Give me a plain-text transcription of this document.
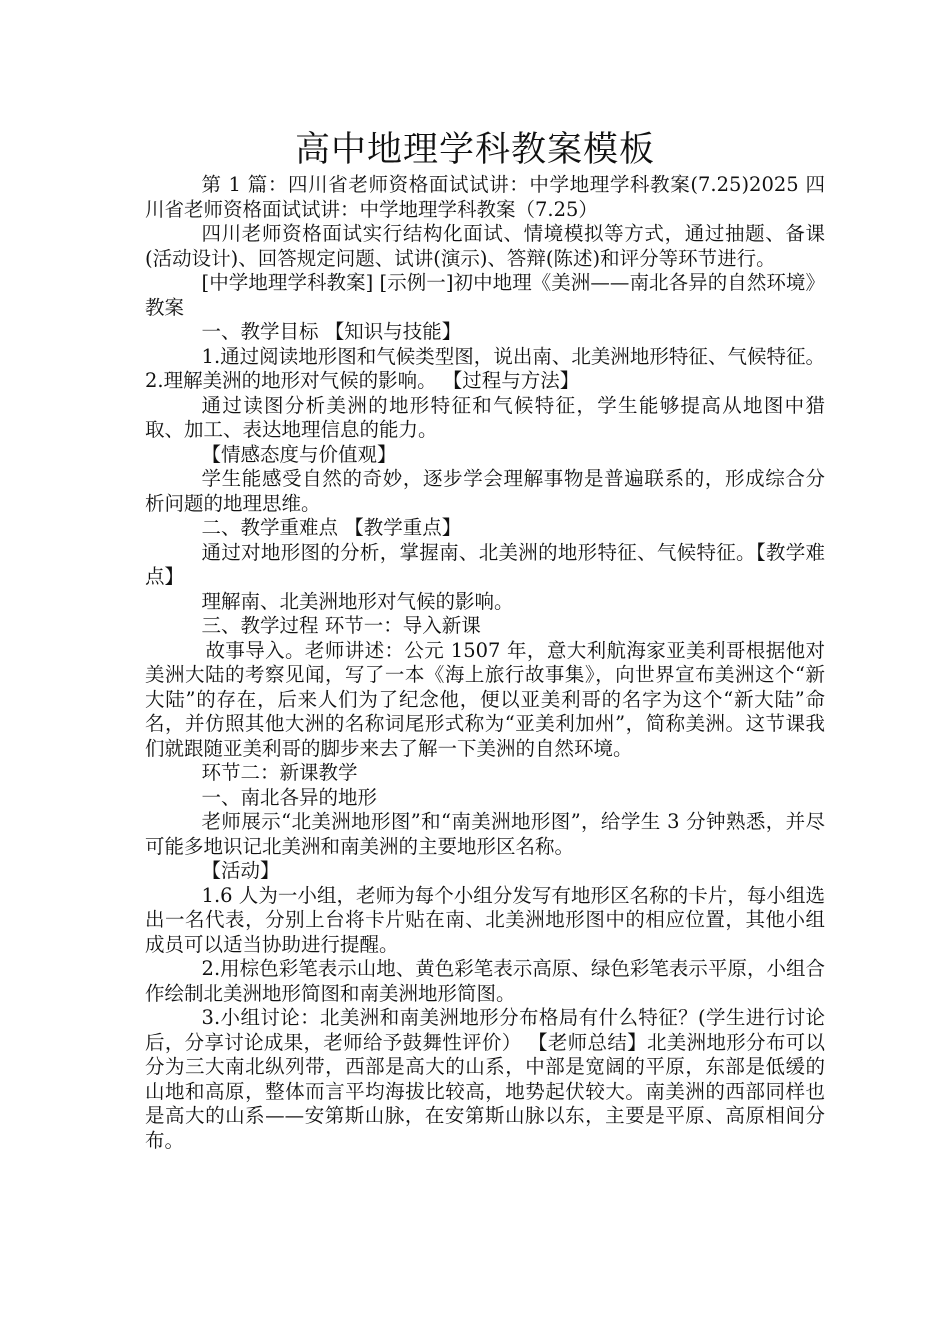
高中地理学科教案模板

第 1 篇：四川省老师资格面试试讲：中学地理学科教案(7.25)2025 四川省老师资格面试试讲：中学地理学科教案（7.25）

四川老师资格面试实行结构化面试、情境模拟等方式，通过抽题、备课(活动设计)、回答规定问题、试讲(演示)、答辩(陈述)和评分等环节进行。

[中学地理学科教案] [示例一]初中地理《美洲——南北各异的自然环境》教案

一、教学目标 【知识与技能】

1.通过阅读地形图和气候类型图，说出南、北美洲地形特征、气候特征。 2.理解美洲的地形对气候的影响。 【过程与方法】

通过读图分析美洲的地形特征和气候特征，学生能够提高从地图中猎取、加工、表达地理信息的能力。

【情感态度与价值观】

学生能感受自然的奇妙，逐步学会理解事物是普遍联系的，形成综合分析问题的地理思维。

二、教学重难点 【教学重点】

通过对地形图的分析，掌握南、北美洲的地形特征、气候特征。【教学难点】

理解南、北美洲地形对气候的影响。

三、教学过程 环节一：导入新课

故事导入。老师讲述：公元 1507 年，意大利航海家亚美利哥根据他对美洲大陆的考察见闻，写了一本《海上旅行故事集》，向世界宣布美洲这个“新大陆”的存在，后来人们为了纪念他，便以亚美利哥的名字为这个“新大陆”命名，并仿照其他大洲的名称词尾形式称为“亚美利加州”，简称美洲。这节课我们就跟随亚美利哥的脚步来去了解一下美洲的自然环境。

环节二：新课教学

一、南北各异的地形

老师展示“北美洲地形图”和“南美洲地形图”，给学生 3 分钟熟悉，并尽可能多地识记北美洲和南美洲的主要地形区名称。

【活动】

1.6 人为一小组，老师为每个小组分发写有地形区名称的卡片，每小组选出一名代表，分别上台将卡片贴在南、北美洲地形图中的相应位置，其他小组成员可以适当协助进行提醒。

2.用棕色彩笔表示山地、黄色彩笔表示高原、绿色彩笔表示平原，小组合作绘制北美洲地形简图和南美洲地形简图。

3.小组讨论：北美洲和南美洲地形分布格局有什么特征？(学生进行讨论后，分享讨论成果，老师给予鼓舞性评价） 【老师总结】北美洲地形分布可以分为三大南北纵列带，西部是高大的山系，中部是宽阔的平原，东部是低缓的山地和高原，整体而言平均海拔比较高，地势起伏较大。南美洲的西部同样也是高大的山系——安第斯山脉，在安第斯山脉以东，主要是平原、高原相间分布。
